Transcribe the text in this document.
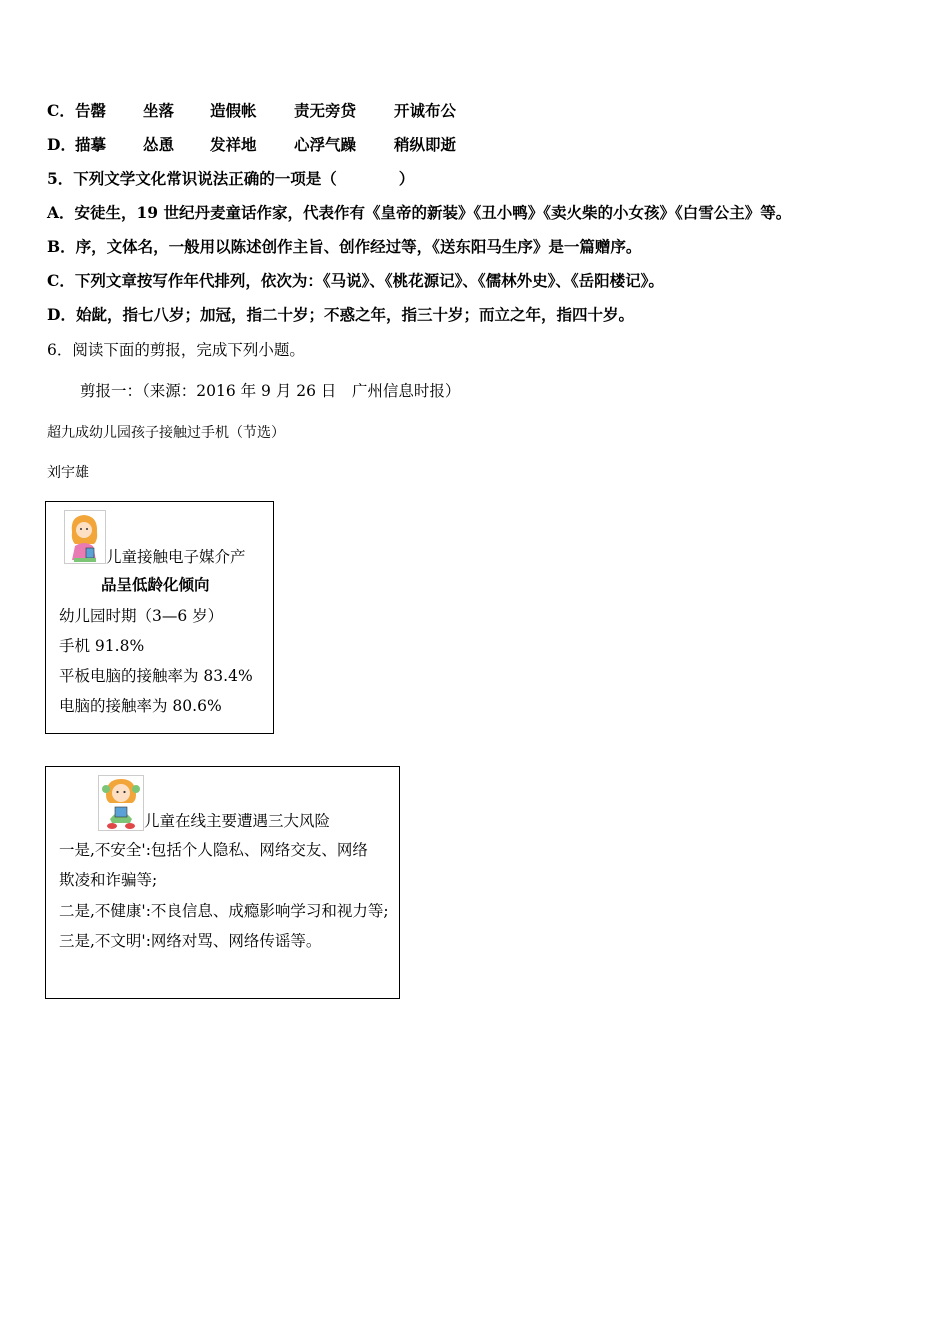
C．告罄 坐落 造假帐 责无旁贷 开诚布公
D．描摹 怂恿 发祥地 心浮气躁 稍纵即逝
5．下列文学文化常识说法正确的一项是（　　　　）
A．安徒生，19 世纪丹麦童话作家，代表作有《皇帝的新装》《丑小鸭》《卖火柴的小女孩》《白雪公主》等。
B．序，文体名，一般用以陈述创作主旨、创作经过等，《送东阳马生序》是一篇赠序。
C．下列文章按写作年代排列，依次为：《马说》、《桃花源记》、《儒林外史》、《岳阳楼记》。
D．始龀，指七八岁；加冠，指二十岁；不惑之年，指三十岁；而立之年，指四十岁。
6．阅读下面的剪报，完成下列小题。
剪报一：（来源：2016 年 9 月 26 日　广州信息时报）
超九成幼儿园孩子接触过手机（节选）
刘宇雄
儿童接触电子媒介产
品呈低龄化倾向
幼儿园时期（3—6 岁）
手机 91.8%
平板电脑的接触率为 83.4%
电脑的接触率为 80.6%
儿童在线主要遭遇三大风险
一是,不安全':包括个人隐私、网络交友、网络
欺凌和诈骗等;
二是,不健康':不良信息、成瘾影响学习和视力等;
三是,不文明':网络对骂、网络传谣等。
